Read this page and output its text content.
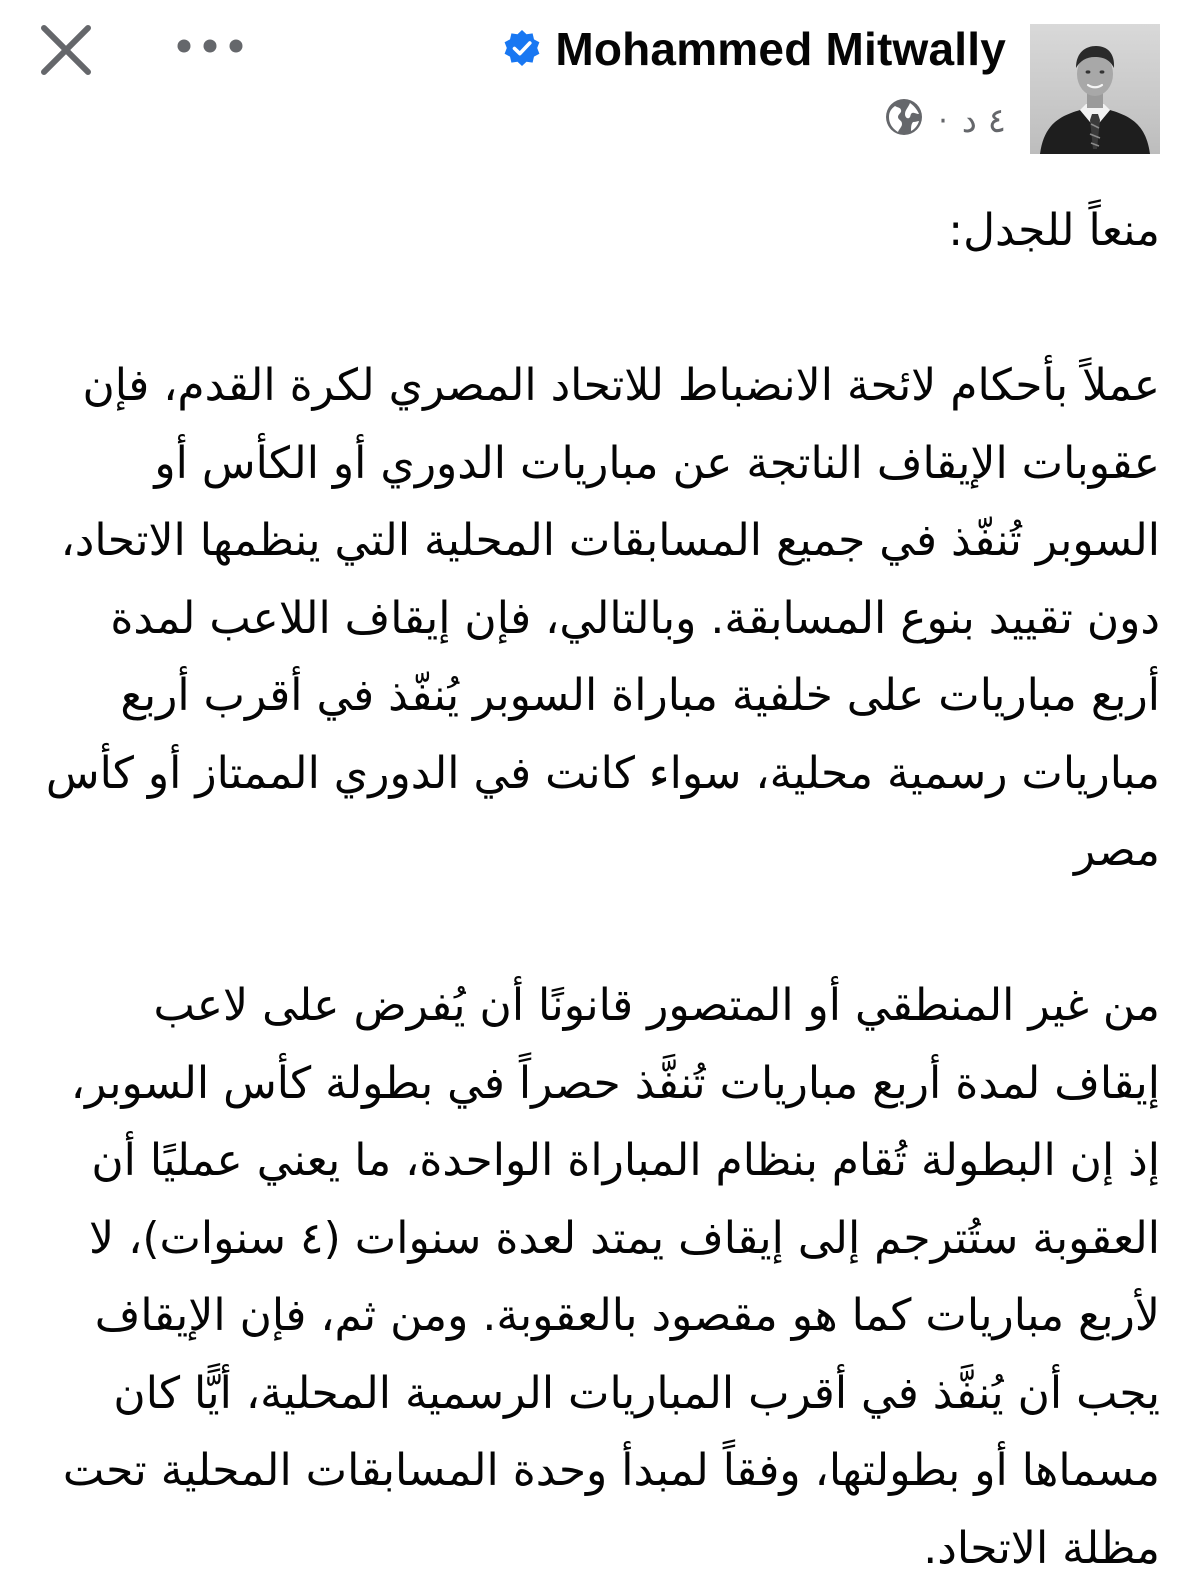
Mohammed Mitwally
· ٤ د

منعاً للجدل:

عملاً بأحكام لائحة الانضباط للاتحاد المصري لكرة القدم، فإن عقوبات الإيقاف الناتجة عن مباريات الدوري أو الكأس أو السوبر تُنفّذ في جميع المسابقات المحلية التي ينظمها الاتحاد، دون تقييد بنوع المسابقة. وبالتالي، فإن إيقاف اللاعب لمدة أربع مباريات على خلفية مباراة السوبر يُنفّذ في أقرب أربع مباريات رسمية محلية، سواء كانت في الدوري الممتاز أو كأس مصر

من غير المنطقي أو المتصور قانونًا أن يُفرض على لاعب إيقاف لمدة أربع مباريات تُنفَّذ حصراً في بطولة كأس السوبر، إذ إن البطولة تُقام بنظام المباراة الواحدة، ما يعني عمليًا أن العقوبة ستُترجم إلى إيقاف يمتد لعدة سنوات (٤ سنوات)، لا لأربع مباريات كما هو مقصود بالعقوبة. ومن ثم، فإن الإيقاف يجب أن يُنفَّذ في أقرب المباريات الرسمية المحلية، أيًّا كان مسماها أو بطولتها، وفقاً لمبدأ وحدة المسابقات المحلية تحت مظلة الاتحاد.
